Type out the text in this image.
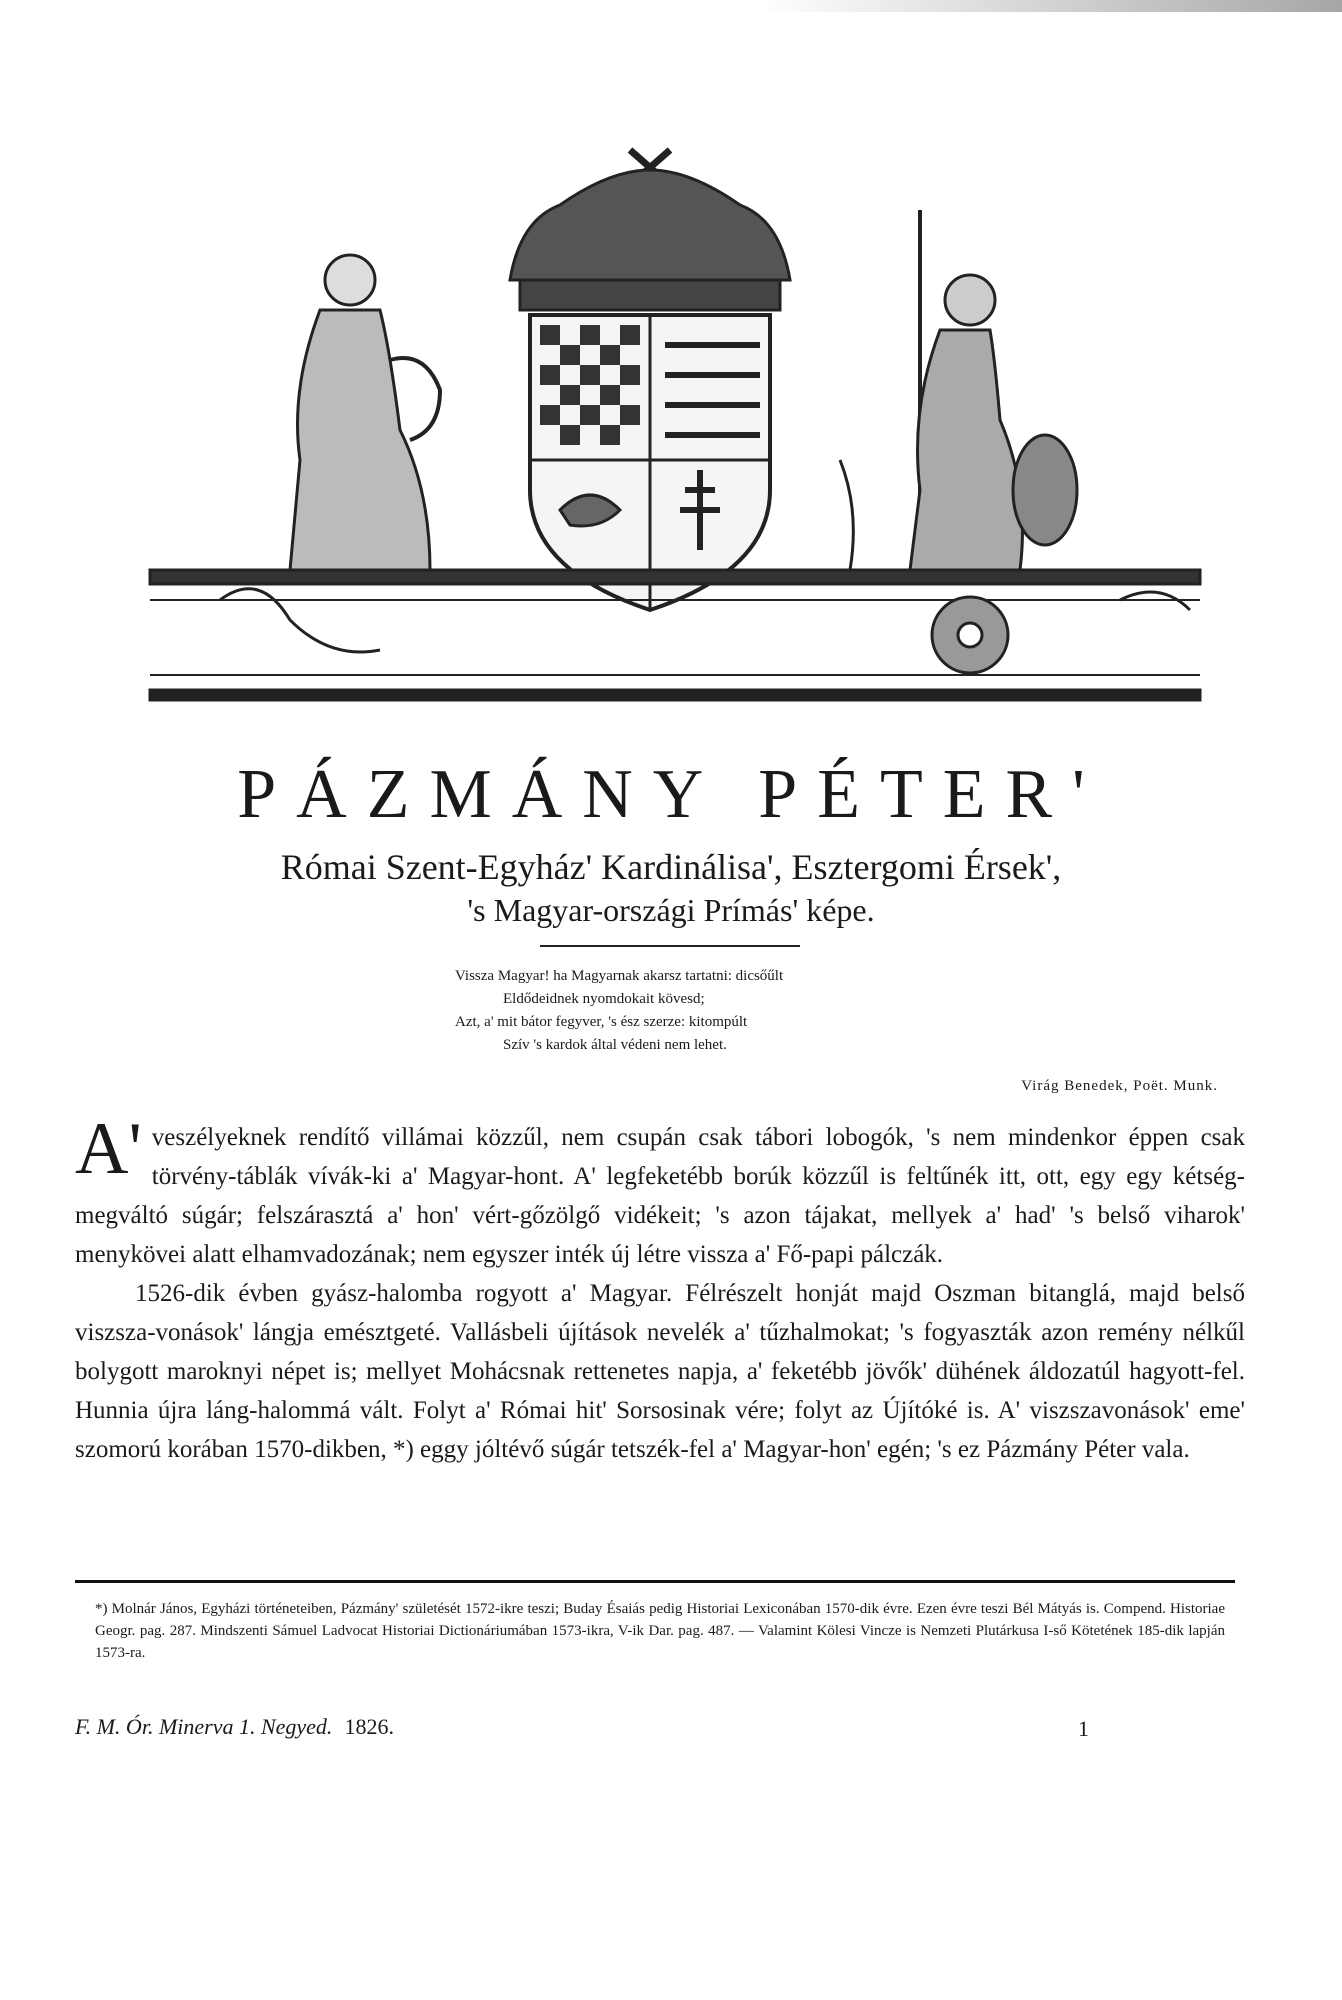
PÁZMÁNY PÉTER'

Római Szent-Egyház' Kardinálisa', Esztergomi Érsek',

's Magyar-országi Prímás' képe.

Vissza Magyar! ha Magyarnak akarsz tartatni: dicsőűlt
Eldődeidnek nyomdokait kövesd;
Azt, a' mit bátor fegyver, 's ész szerze: kitompúlt
Szív 's kardok által védeni nem lehet.
Virág Benedek, Poët. Munk.

A' veszélyeknek rendítő villámai közzűl, nem csupán csak tábori lobogók, 's nem mindenkor éppen csak törvény-táblák vívák-ki a' Magyar-hont. A' legfeketébb borúk közzűl is feltűnék itt, ott, egy egy kétség-megváltó súgár; felszárasztá a' hon' vért-gőzölgő vidékeit; 's azon tájakat, mellyek a' had' 's belső viharok' menykövei alatt elhamvadozának; nem egyszer inték új létre vissza a' Fő-papi pálczák.

1526-dik évben gyász-halomba rogyott a' Magyar. Félrészelt honját majd Oszman bitanglá, majd belső viszsza-vonások' lángja emésztgeté. Vallásbeli újítások nevelék a' tűzhalmokat; 's fogyaszták azon remény nélkűl bolygott maroknyi népet is; mellyet Mohácsnak rettenetes napja, a' feketébb jövők' dühének áldozatúl hagyott-fel. Hunnia újra láng-halommá vált. Folyt a' Római hit' Sorsosinak vére; folyt az Újítóké is. A' viszszavonások' eme' szomorú korában 1570-dikben, *) eggy jóltévő súgár tetszék-fel a' Magyar-hon' egén; 's ez Pázmány Péter vala.

*) Molnár János, Egyházi történeteiben, Pázmány' születését 1572-ikre teszi; Buday Ésaiás pedig Historiai Lexiconában 1570-dik évre. Ezen évre teszi Bél Mátyás is. Compend. Historiae Geogr. pag. 287. Mindszenti Sámuel Ladvocat Historiai Dictionáriumában 1573-ikra, V-ik Dar. pag. 487. — Valamint Kölesi Vincze is Nemzeti Plutárkusa I-ső Kötetének 185-dik lapján 1573-ra.

F. M. Ór. Minerva 1. Negyed. 1826.	1
